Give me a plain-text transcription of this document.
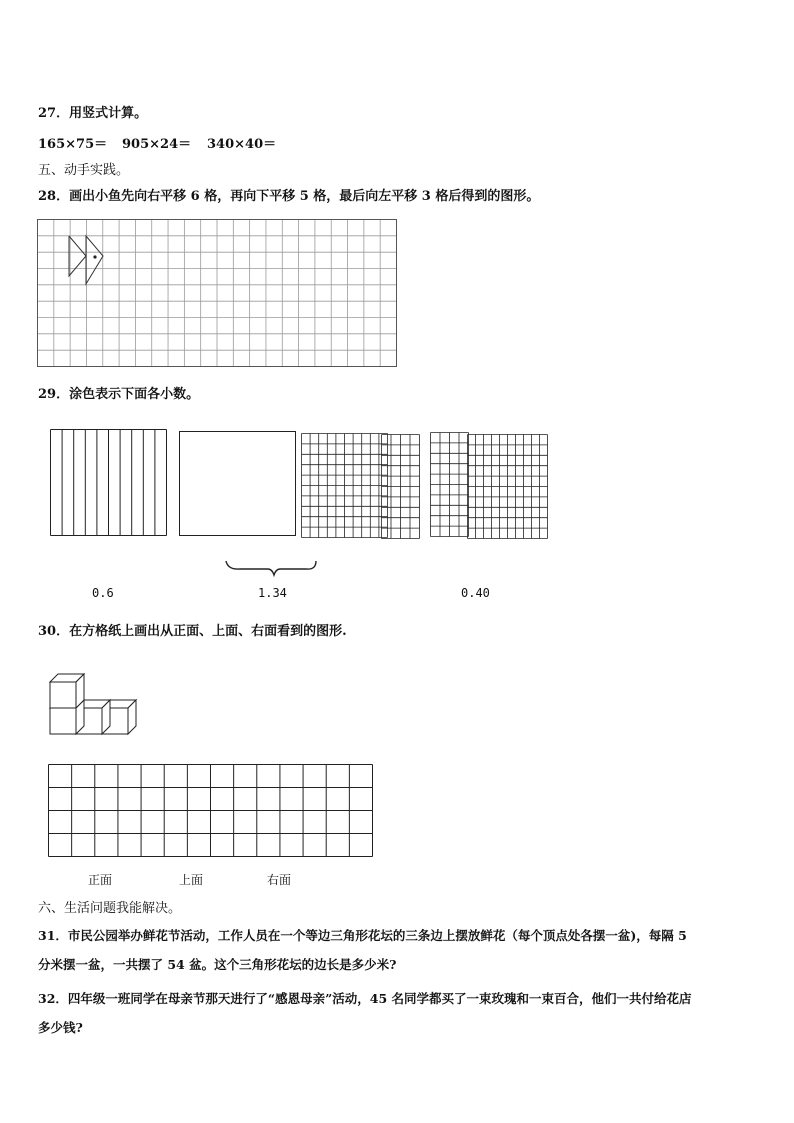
27．用竖式计算。
165×75＝ 905×24＝ 340×40＝
五、动手实践。
28．画出小鱼先向右平移 6 格，再向下平移 5 格，最后向左平移 3 格后得到的图形。
29．涂色表示下面各小数。
0.6	1.34	0.40
30．在方格纸上画出从正面、上面、右面看到的图形.
正面	上面	右面
六、生活问题我能解决。
31．市民公园举办鲜花节活动，工作人员在一个等边三角形花坛的三条边上摆放鲜花（每个顶点处各摆一盆)，每隔 5
分米摆一盆，一共摆了 54 盆。这个三角形花坛的边长是多少米?
32．四年级一班同学在母亲节那天进行了“感恩母亲”活动，45 名同学都买了一束玫瑰和一束百合，他们一共付给花店
多少钱?
